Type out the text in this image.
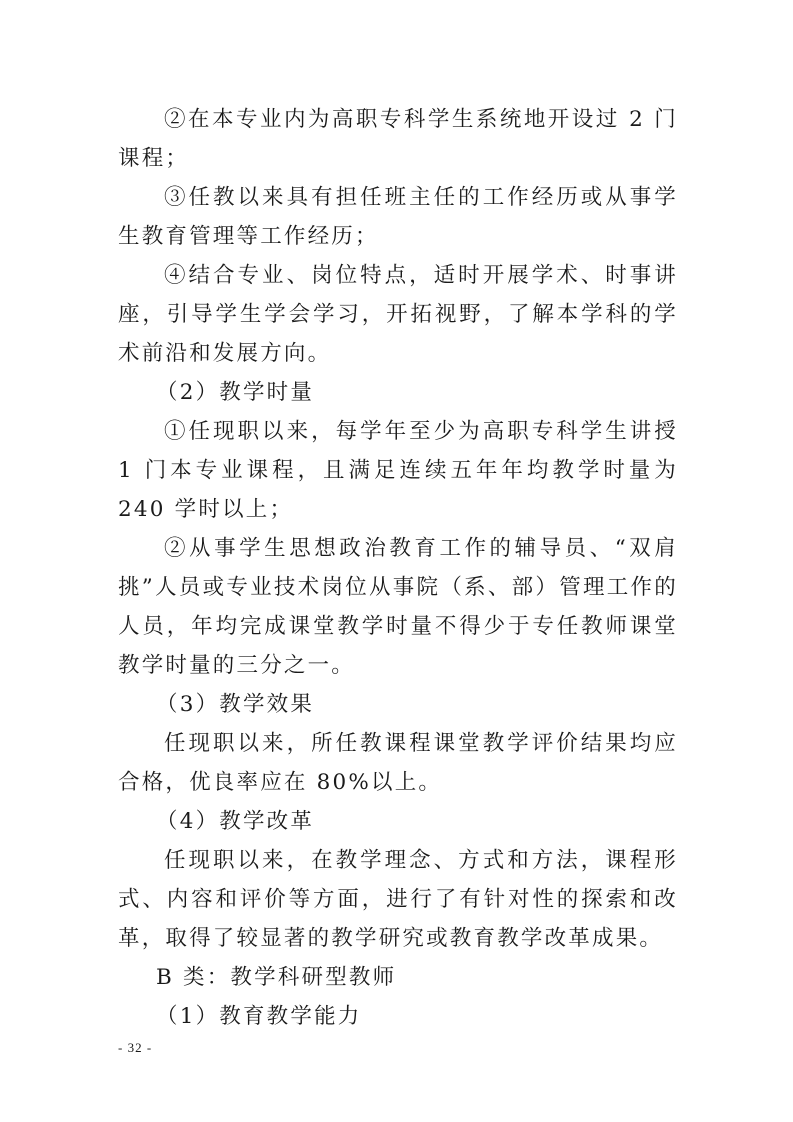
②在本专业内为高职专科学生系统地开设过 2 门课程；

③任教以来具有担任班主任的工作经历或从事学生教育管理等工作经历；

④结合专业、岗位特点，适时开展学术、时事讲座，引导学生学会学习，开拓视野，了解本学科的学术前沿和发展方向。

（2）教学时量

①任现职以来，每学年至少为高职专科学生讲授 1 门本专业课程，且满足连续五年年均教学时量为 240 学时以上；

②从事学生思想政治教育工作的辅导员、“双肩挑”人员或专业技术岗位从事院（系、部）管理工作的人员，年均完成课堂教学时量不得少于专任教师课堂教学时量的三分之一。

（3）教学效果

任现职以来，所任教课程课堂教学评价结果均应合格，优良率应在 80%以上。

（4）教学改革

任现职以来，在教学理念、方式和方法，课程形式、内容和评价等方面，进行了有针对性的探索和改革，取得了较显著的教学研究或教育教学改革成果。

B 类：教学科研型教师

（1）教育教学能力

- 32 -
